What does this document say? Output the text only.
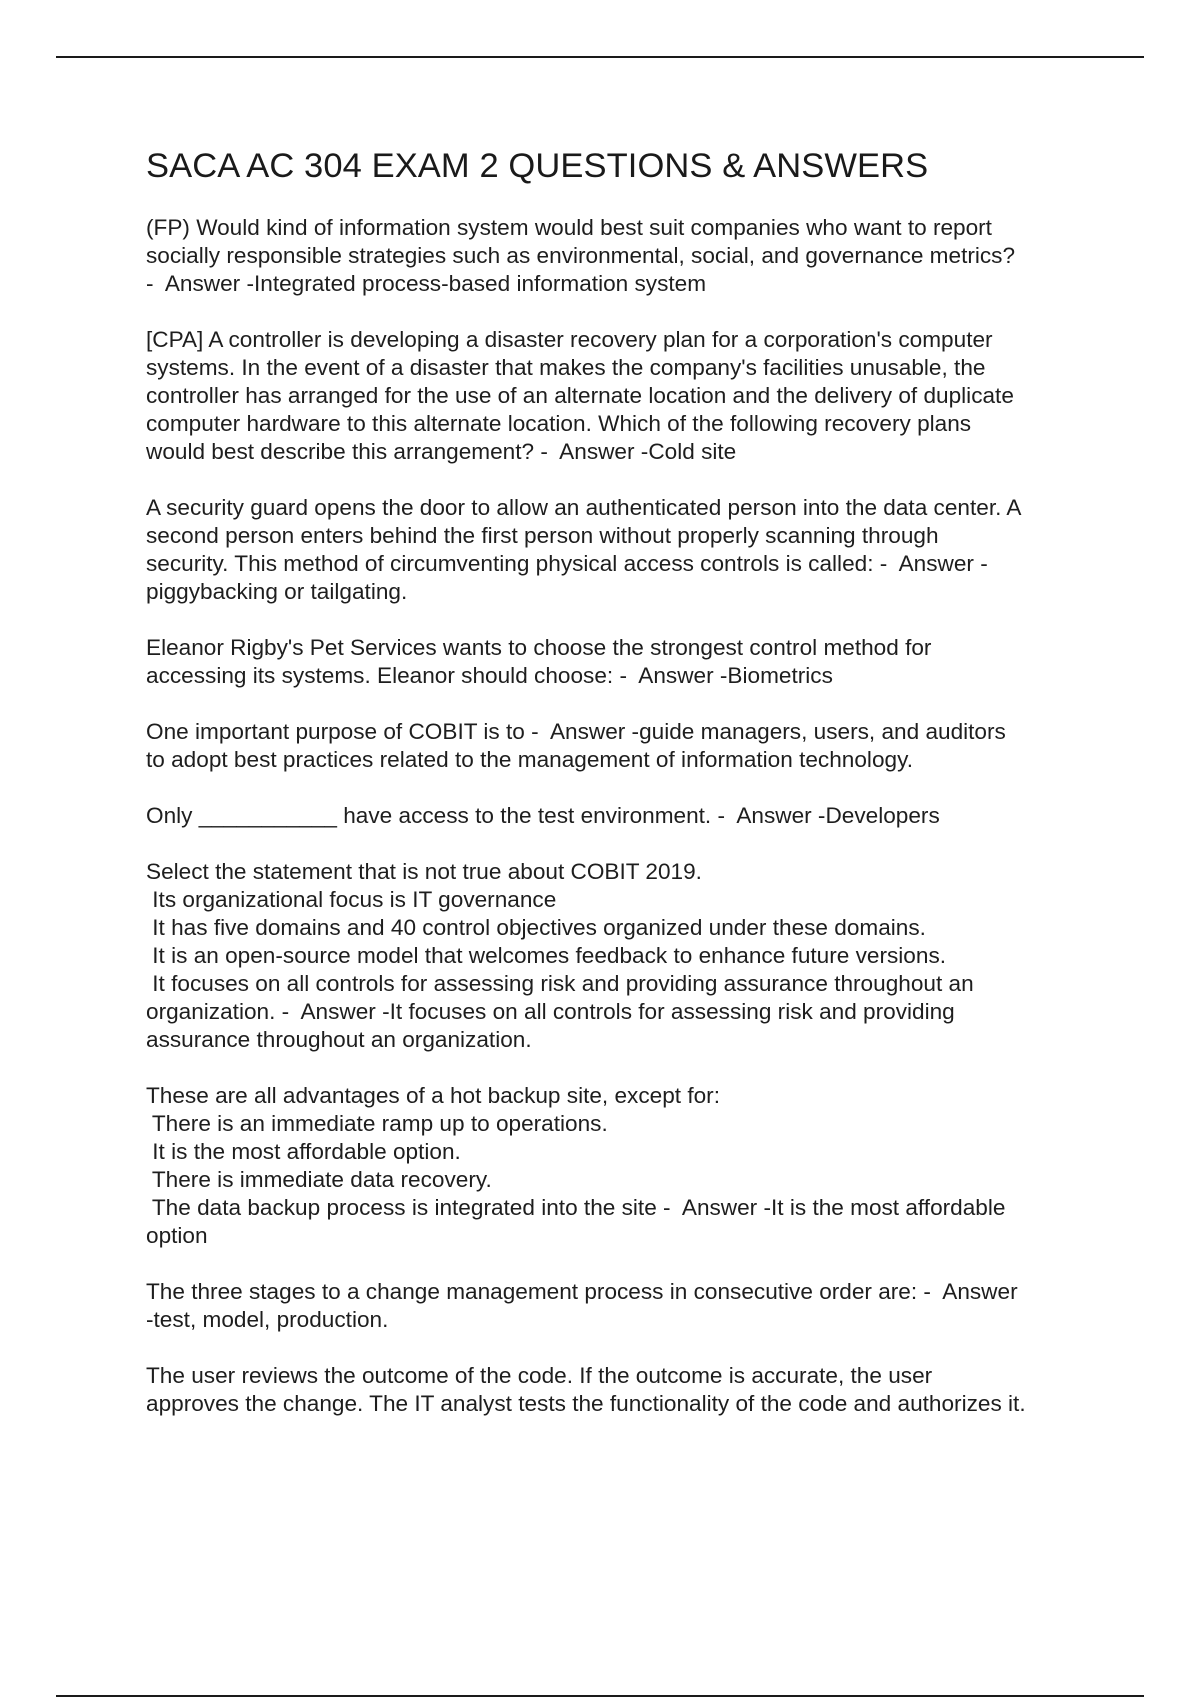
SACA AC 304 EXAM 2 QUESTIONS & ANSWERS

(FP) Would kind of information system would best suit companies who want to report
socially responsible strategies such as environmental, social, and governance metrics?
-  Answer -Integrated process-based information system

[CPA] A controller is developing a disaster recovery plan for a corporation's computer
systems. In the event of a disaster that makes the company's facilities unusable, the
controller has arranged for the use of an alternate location and the delivery of duplicate
computer hardware to this alternate location. Which of the following recovery plans
would best describe this arrangement? -  Answer -Cold site

A security guard opens the door to allow an authenticated person into the data center. A
second person enters behind the first person without properly scanning through
security. This method of circumventing physical access controls is called: -  Answer -
piggybacking or tailgating.

Eleanor Rigby's Pet Services wants to choose the strongest control method for
accessing its systems. Eleanor should choose: -  Answer -Biometrics

One important purpose of COBIT is to -  Answer -guide managers, users, and auditors
to adopt best practices related to the management of information technology.

Only ___________ have access to the test environment. -  Answer -Developers

Select the statement that is not true about COBIT 2019.
Its organizational focus is IT governance
It has five domains and 40 control objectives organized under these domains.
It is an open-source model that welcomes feedback to enhance future versions.
It focuses on all controls for assessing risk and providing assurance throughout an
organization. -  Answer -It focuses on all controls for assessing risk and providing
assurance throughout an organization.

These are all advantages of a hot backup site, except for:
There is an immediate ramp up to operations.
It is the most affordable option.
There is immediate data recovery.
The data backup process is integrated into the site -  Answer -It is the most affordable
option

The three stages to a change management process in consecutive order are: -  Answer
-test, model, production.

The user reviews the outcome of the code. If the outcome is accurate, the user
approves the change. The IT analyst tests the functionality of the code and authorizes it.
